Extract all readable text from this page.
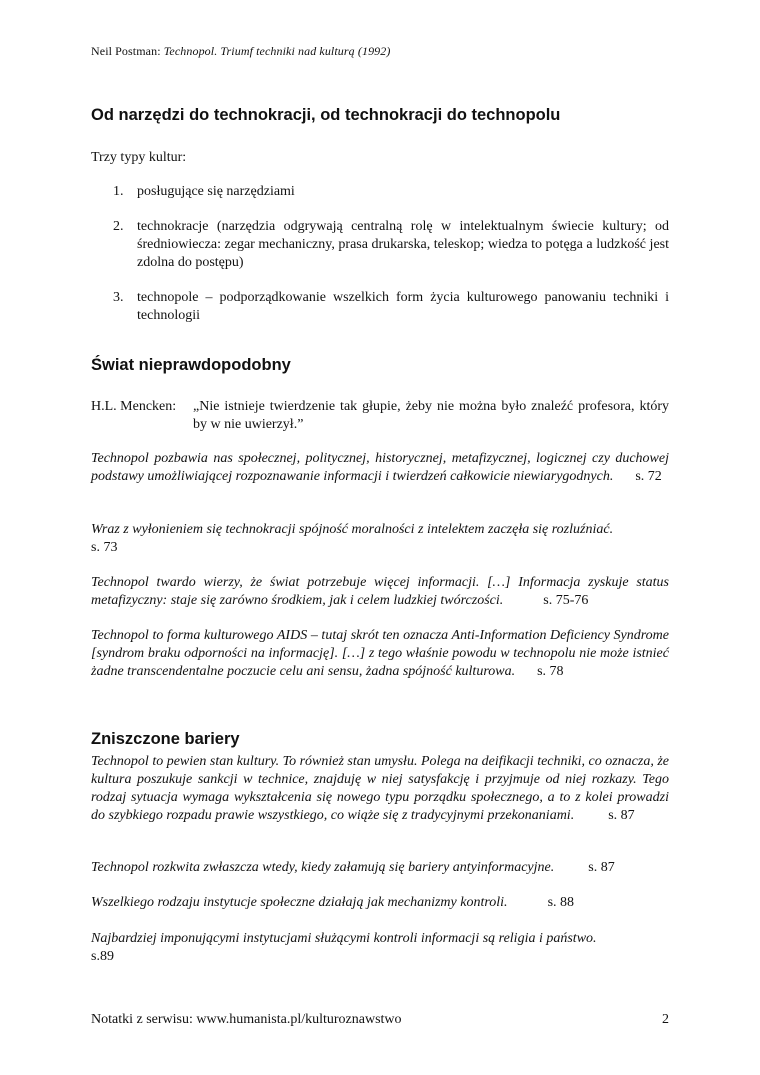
Neil Postman: Technopol. Triumf techniki nad kulturą (1992)
Od narzędzi do technokracji, od technokracji do technopolu
Trzy typy kultur:
1. posługujące się narzędziami
2. technokracje (narzędzia odgrywają centralną rolę w intelektualnym świecie kultury; od średniowiecza: zegar mechaniczny, prasa drukarska, teleskop; wiedza to potęga a ludzkość jest zdolna do postępu)
3. technopole – podporządkowanie wszelkich form życia kulturowego panowaniu techniki i technologii
Świat nieprawdopodobny
H.L. Mencken: „Nie istnieje twierdzenie tak głupie, żeby nie można było znaleźć profesora, który by w nie uwierzył.”
Technopol pozbawia nas społecznej, politycznej, historycznej, metafizycznej, logicznej czy duchowej podstawy umożliwiającej rozpoznawanie informacji i twierdzeń całkowicie niewiarygodnych. s. 72
Wraz z wyłonieniem się technokracji spójność moralności z intelektem zaczęła się rozluźniać.
s. 73
Technopol twardo wierzy, że świat potrzebuje więcej informacji. […] Informacja zyskuje status metafizyczny: staje się zarówno środkiem, jak i celem ludzkiej twórczości.	s. 75-76
Technopol to forma kulturowego AIDS – tutaj skrót ten oznacza Anti-Information Deficiency Syndrome [syndrom braku odporności na informację]. […] z tego właśnie powodu w technopolu nie może istnieć żadne transcendentalne poczucie celu ani sensu, żadna spójność kulturowa. s. 78
Zniszczone bariery
Technopol to pewien stan kultury. To również stan umysłu. Polega na deifikacji techniki, co oznacza, że kultura poszukuje sankcji w technice, znajduję w niej satysfakcję i przyjmuje od niej rozkazy. Tego rodzaj sytuacja wymaga wykształcenia się nowego typu porządku społecznego, a to z kolei prowadzi do szybkiego rozpadu prawie wszystkiego, co wiąże się z tradycyjnymi przekonaniami. s. 87
Technopol rozkwita zwłaszcza wtedy, kiedy załamują się bariery antyinformacyjne. s. 87
Wszelkiego rodzaju instytucje społeczne działają jak mechanizmy kontroli.	s. 88
Najbardziej imponującymi instytucjami służącymi kontroli informacji są religia i państwo.
s.89
Notatki z serwisu: www.humanista.pl/kulturoznawstwo	2
